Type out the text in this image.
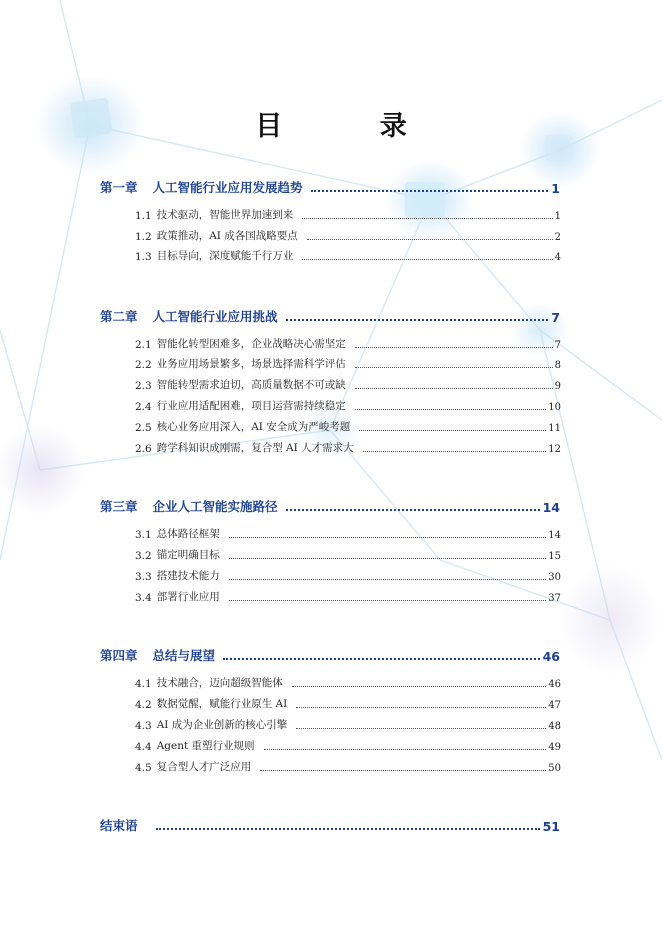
目 录
第一章 人工智能行业应用发展趋势	1
1.1 技术驱动，智能世界加速到来	1
1.2 政策推动，AI 成各国战略要点	2
1.3 目标导向，深度赋能千行万业	4
第二章 人工智能行业应用挑战	7
2.1 智能化转型困难多，企业战略决心需坚定	7
2.2 业务应用场景繁多，场景选择需科学评估	8
2.3 智能转型需求迫切，高质量数据不可或缺	9
2.4 行业应用适配困难，项目运营需持续稳定	10
2.5 核心业务应用深入，AI 安全成为严峻考题	11
2.6 跨学科知识成刚需，复合型 AI 人才需求大	12
第三章 企业人工智能实施路径	14
3.1 总体路径框架	14
3.2 锚定明确目标	15
3.3 搭建技术能力	30
3.4 部署行业应用	37
第四章 总结与展望	46
4.1 技术融合，迈向超级智能体	46
4.2 数据觉醒，赋能行业原生 AI	47
4.3 AI 成为企业创新的核心引擎	48
4.4 Agent 重塑行业规则	49
4.5 复合型人才广泛应用	50
结束语	51
